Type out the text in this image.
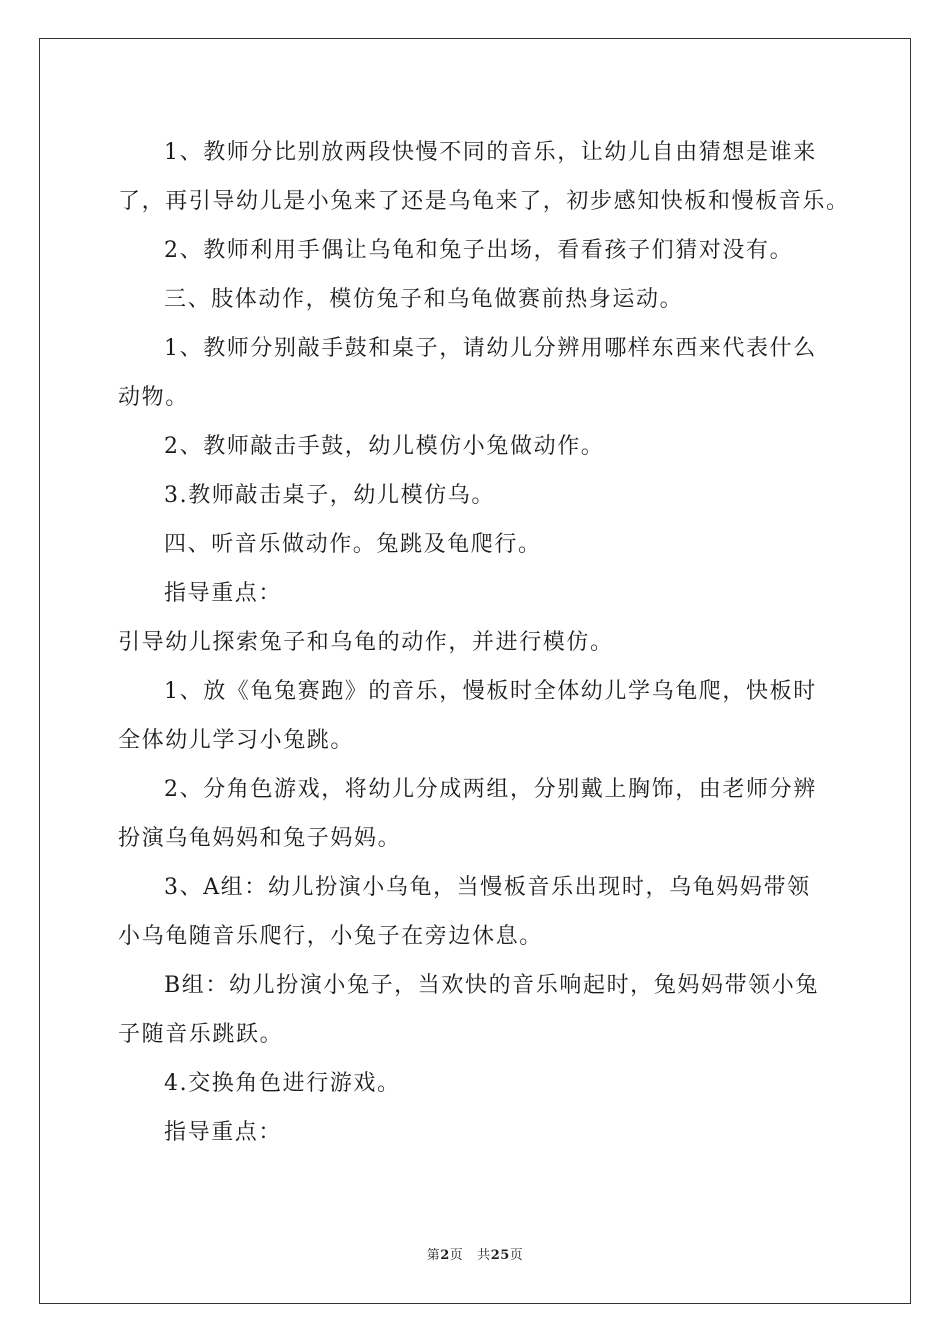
1、教师分比别放两段快慢不同的音乐，让幼儿自由猜想是谁来

了，再引导幼儿是小兔来了还是乌龟来了，初步感知快板和慢板音乐。

2、教师利用手偶让乌龟和兔子出场，看看孩子们猜对没有。

三、肢体动作，模仿兔子和乌龟做赛前热身运动。

1、教师分别敲手鼓和桌子，请幼儿分辨用哪样东西来代表什么

动物。

2、教师敲击手鼓，幼儿模仿小兔做动作。

3.教师敲击桌子，幼儿模仿乌。

四、听音乐做动作。兔跳及龟爬行。

指导重点：

引导幼儿探索兔子和乌龟的动作，并进行模仿。

1、放《龟兔赛跑》的音乐，慢板时全体幼儿学乌龟爬，快板时

全体幼儿学习小兔跳。

2、分角色游戏，将幼儿分成两组，分别戴上胸饰，由老师分辨

扮演乌龟妈妈和兔子妈妈。

3、A组：幼儿扮演小乌龟，当慢板音乐出现时，乌龟妈妈带领

小乌龟随音乐爬行，小兔子在旁边休息。

B组：幼儿扮演小兔子，当欢快的音乐响起时，兔妈妈带领小兔

子随音乐跳跃。

4.交换角色进行游戏。

指导重点：

第2页 共25页
